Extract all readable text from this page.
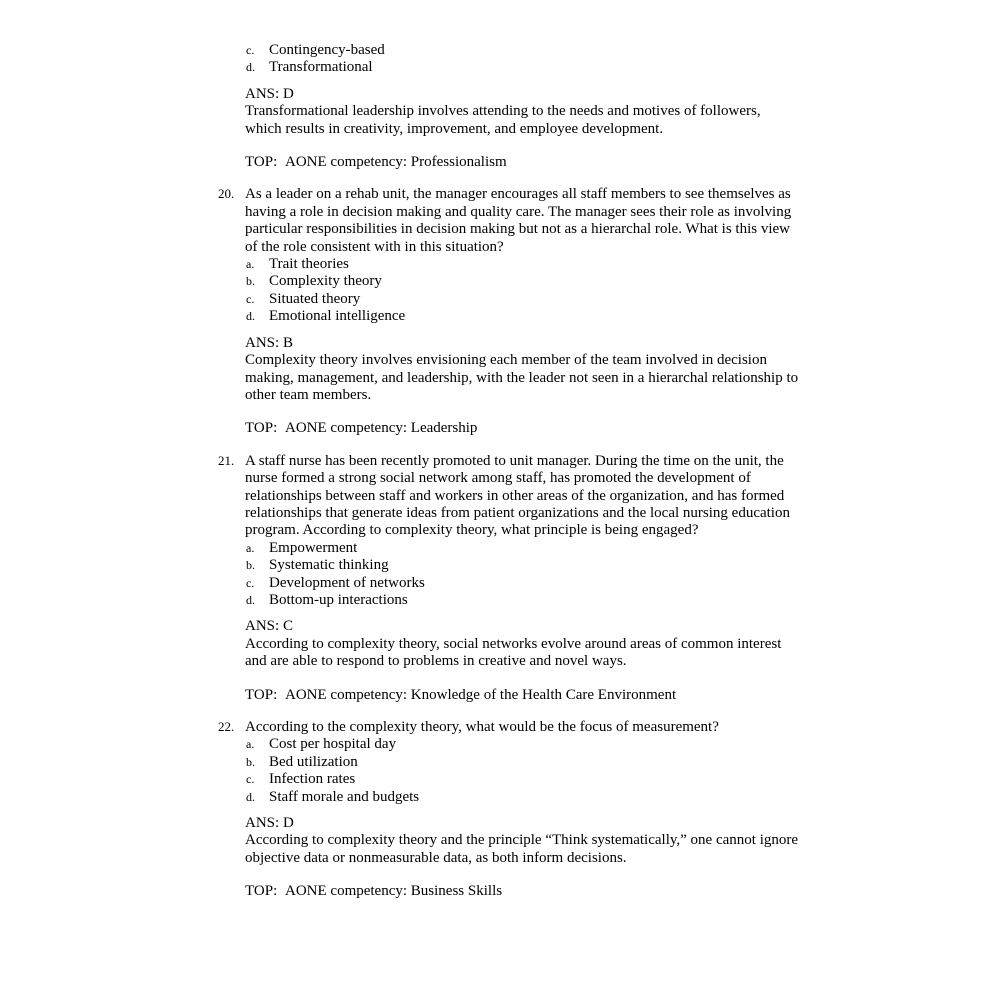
c. Contingency-based
d. Transformational
ANS: D

Transformational leadership involves attending to the needs and motives of followers, which results in creativity, improvement, and employee development.

TOP: AONE competency: Professionalism
20. As a leader on a rehab unit, the manager encourages all staff members to see themselves as having a role in decision making and quality care. The manager sees their role as involving particular responsibilities in decision making but not as a hierarchal role. What is this view of the role consistent with in this situation?

a. Trait theories
b. Complexity theory
c. Situated theory
d. Emotional intelligence
ANS: B

Complexity theory involves envisioning each member of the team involved in decision making, management, and leadership, with the leader not seen in a hierarchal relationship to other team members.

TOP: AONE competency: Leadership
21. A staff nurse has been recently promoted to unit manager. During the time on the unit, the nurse formed a strong social network among staff, has promoted the development of relationships between staff and workers in other areas of the organization, and has formed relationships that generate ideas from patient organizations and the local nursing education program. According to complexity theory, what principle is being engaged?

a. Empowerment
b. Systematic thinking
c. Development of networks
d. Bottom-up interactions
ANS: C

According to complexity theory, social networks evolve around areas of common interest and are able to respond to problems in creative and novel ways.

TOP: AONE competency: Knowledge of the Health Care Environment
22. According to the complexity theory, what would be the focus of measurement?

a. Cost per hospital day
b. Bed utilization
c. Infection rates
d. Staff morale and budgets
ANS: D

According to complexity theory and the principle “Think systematically,” one cannot ignore objective data or nonmeasurable data, as both inform decisions.

TOP: AONE competency: Business Skills
